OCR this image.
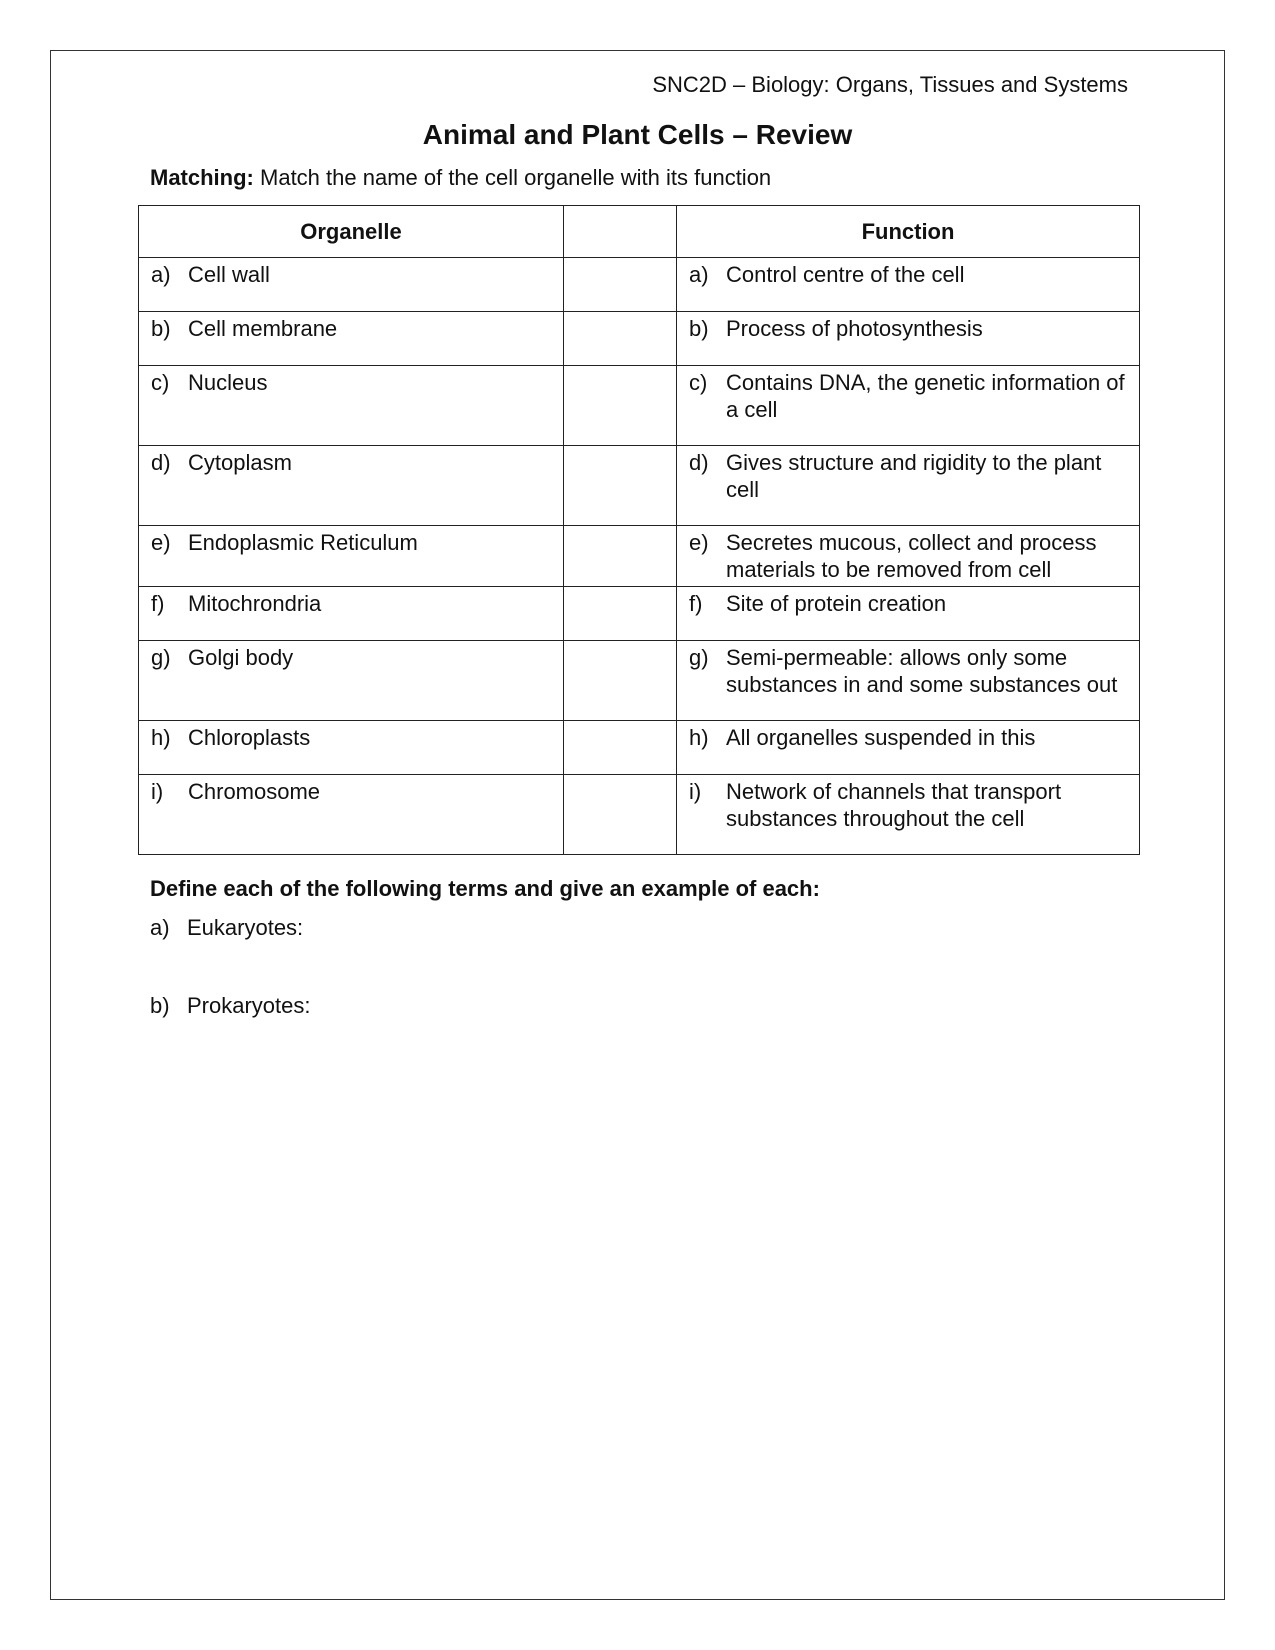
SNC2D – Biology: Organs, Tissues and Systems
Animal and Plant Cells – Review
Matching: Match the name of the cell organelle with its function
Organelle		Function

a) Cell wall		a) Control centre of the cell

b) Cell membrane		b) Process of photosynthesis

c) Nucleus		c) Contains DNA, the genetic information of a cell

d) Cytoplasm		d) Gives structure and rigidity to the plant cell

e) Endoplasmic Reticulum		e) Secretes mucous, collect and process materials to be removed from cell

f) Mitochrondria		f) Site of protein creation

g) Golgi body		g) Semi-permeable: allows only some substances in and some substances out

h) Chloroplasts		h) All organelles suspended in this

i) Chromosome		i) Network of channels that transport substances throughout the cell
Define each of the following terms and give an example of each:
a) Eukaryotes:
b) Prokaryotes:
